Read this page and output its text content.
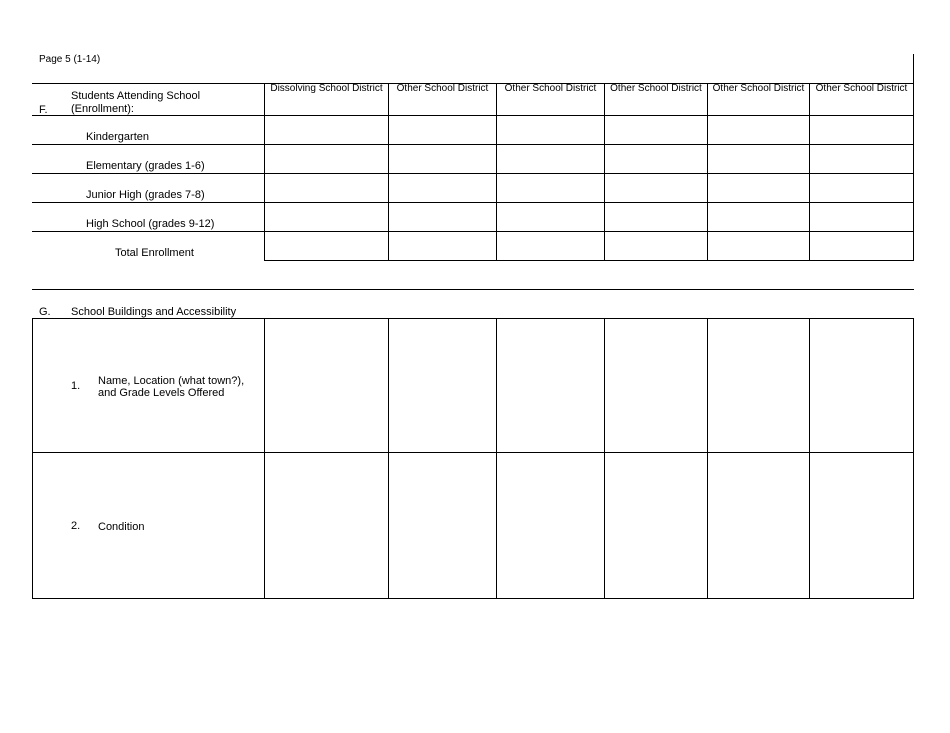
Page 5 (1-14)
F.
Students Attending School
(Enrollment):
Dissolving School District	Other School District	Other School District	Other School District	Other School District	Other School District
Kindergarten
Elementary (grades 1-6)
Junior High (grades 7-8)
High School (grades 9-12)
Total Enrollment
G. School Buildings and Accessibility
1. Name, Location (what town?),
and Grade Levels Offered
2. Condition
